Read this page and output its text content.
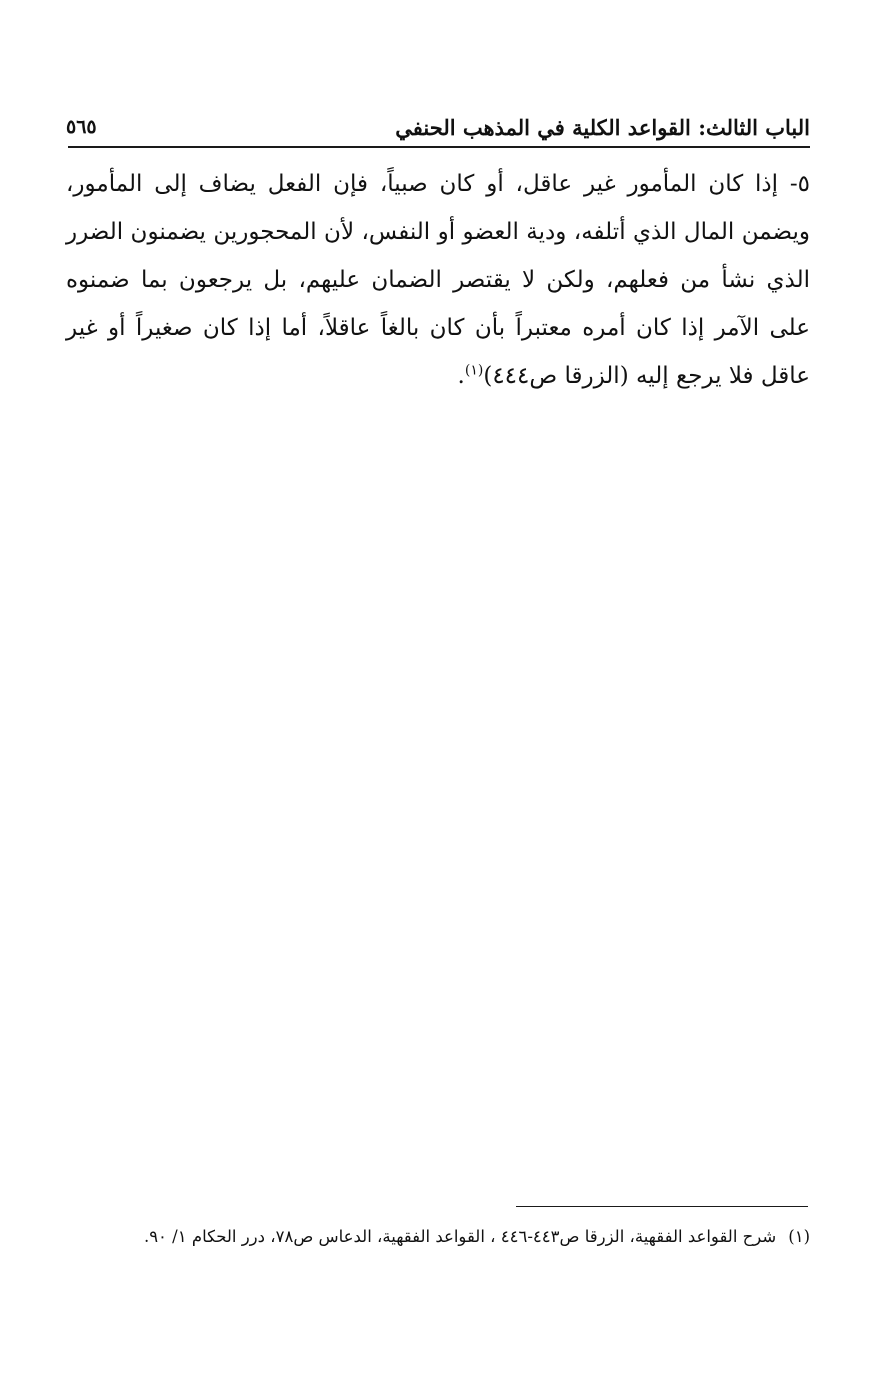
الباب الثالث: القواعد الكلية في المذهب الحنفي
٥٦٥

٥- إذا كان المأمور غير عاقل، أو كان صبياً، فإن الفعل يضاف إلى المأمور، ويضمن المال الذي أتلفه، ودية العضو أو النفس، لأن المحجورين يضمنون الضرر الذي نشأ من فعلهم، ولكن لا يقتصر الضمان عليهم، بل يرجعون بما ضمنوه على الآمر إذا كان أمره معتبراً بأن كان بالغاً عاقلاً، أما إذا كان صغيراً أو غير عاقل فلا يرجع إليه (الزرقا ص٤٤٤)$^{(١)}$.

(١)شرح القواعد الفقهية، الزرقا ص٤٤٣-٤٤٦ ، القواعد الفقهية، الدعاس ص٧٨، درر الحكام ١/ ٩٠.
